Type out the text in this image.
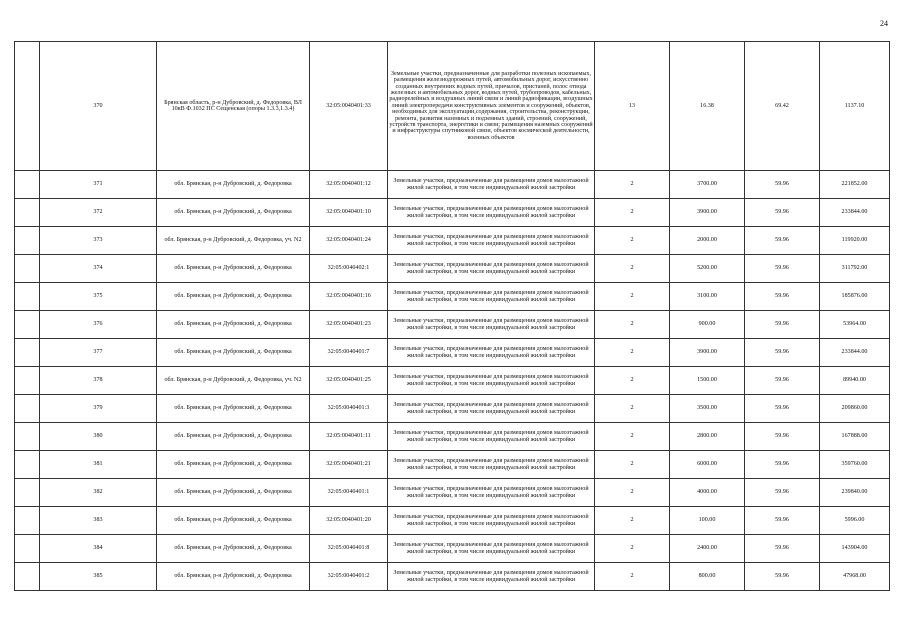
24
	370	Брянская область, р-н Дубровский, д. Федоровка, ВЛ 10кВ Ф.1032 ПС Сещенская (опоры 1.3.3,1.3.4)	32:05:0040401:33	Земельные участки, предназначенные для разработки полезных ископаемых, размещения железнодорожных путей, автомобильных дорог, искусственно созданных внутренних водных путей, причалов, пристаней, полос отвода железных и автомобильных дорог, водных путей, трубопроводов, кабельных, радиорелейных и воздушных линий связи и линий радиофикации, воздушных линий электропередачи конструктивных элементов и сооружений, объектов, необходимых для эксплуатации,содержания, строительства, реконструкции, ремонта, развития наземных и подземных зданий, строений, сооружений, устройств транспорта, энергетики и связи; размещения наземных сооружений и инфраструктуры спутниковой связи, объектов космической деятельности, военных объектов	13	16.38	69.42	1137.10
	371	обл. Брянская, р-н Дубровский, д. Федоровка	32:05:0040401:12	Земельные участки, предназначенные для размещения домов малоэтажной жилой застройки, в том числе индивидуальной жилой застройки	2	3700.00	59.96	221852.00
	372	обл. Брянская, р-н Дубровский, д. Федоровка	32:05:0040401:10	Земельные участки, предназначенные для размещения домов малоэтажной жилой застройки, в том числе индивидуальной жилой застройки	2	3900.00	59.96	233844.00
	373	обл. Брянская, р-н Дубровский, д. Федоровка, уч. N2	32:05:0040401:24	Земельные участки, предназначенные для размещения домов малоэтажной жилой застройки, в том числе индивидуальной жилой застройки	2	2000.00	59.96	119920.00
	374	обл. Брянская, р-н Дубровский, д. Федоровка	32:05:0040402:1	Земельные участки, предназначенные для размещения домов малоэтажной жилой застройки, в том числе индивидуальной жилой застройки	2	5200.00	59.96	311792.00
	375	обл. Брянская, р-н Дубровский, д. Федоровка	32:05:0040401:16	Земельные участки, предназначенные для размещения домов малоэтажной жилой застройки, в том числе индивидуальной жилой застройки	2	3100.00	59.96	185876.00
	376	обл. Брянская, р-н Дубровский, д. Федоровка	32:05:0040401:23	Земельные участки, предназначенные для размещения домов малоэтажной жилой застройки, в том числе индивидуальной жилой застройки	2	900.00	59.96	53964.00
	377	обл. Брянская, р-н Дубровский, д. Федоровка	32:05:0040401:7	Земельные участки, предназначенные для размещения домов малоэтажной жилой застройки, в том числе индивидуальной жилой застройки	2	3900.00	59.96	233844.00
	378	обл. Брянская, р-н Дубровский, д. Федоровка, уч. N2	32:05:0040401:25	Земельные участки, предназначенные для размещения домов малоэтажной жилой застройки, в том числе индивидуальной жилой застройки	2	1500.00	59.96	89940.00
	379	обл. Брянская, р-н Дубровский, д. Федоровка	32:05:0040401:3	Земельные участки, предназначенные для размещения домов малоэтажной жилой застройки, в том числе индивидуальной жилой застройки	2	3500.00	59.96	209860.00
	380	обл. Брянская, р-н Дубровский, д. Федоровка	32:05:0040401:11	Земельные участки, предназначенные для размещения домов малоэтажной жилой застройки, в том числе индивидуальной жилой застройки	2	2800.00	59.96	167888.00
	381	обл. Брянская, р-н Дубровский, д. Федоровка	32:05:0040401:21	Земельные участки, предназначенные для размещения домов малоэтажной жилой застройки, в том числе индивидуальной жилой застройки	2	6000.00	59.96	359760.00
	382	обл. Брянская, р-н Дубровский, д. Федоровка	32:05:0040401:1	Земельные участки, предназначенные для размещения домов малоэтажной жилой застройки, в том числе индивидуальной жилой застройки	2	4000.00	59.96	239840.00
	383	обл. Брянская, р-н Дубровский, д. Федоровка	32:05:0040401:20	Земельные участки, предназначенные для размещения домов малоэтажной жилой застройки, в том числе индивидуальной жилой застройки	2	100.00	59.96	5996.00
	384	обл. Брянская, р-н Дубровский, д. Федоровка	32:05:0040401:8	Земельные участки, предназначенные для размещения домов малоэтажной жилой застройки, в том числе индивидуальной жилой застройки	2	2400.00	59.96	143904.00
	385	обл. Брянская, р-н Дубровский, д. Федоровка	32:05:0040401:2	Земельные участки, предназначенные для размещения домов малоэтажной жилой застройки, в том числе индивидуальной жилой застройки	2	800.00	59.96	47968.00
